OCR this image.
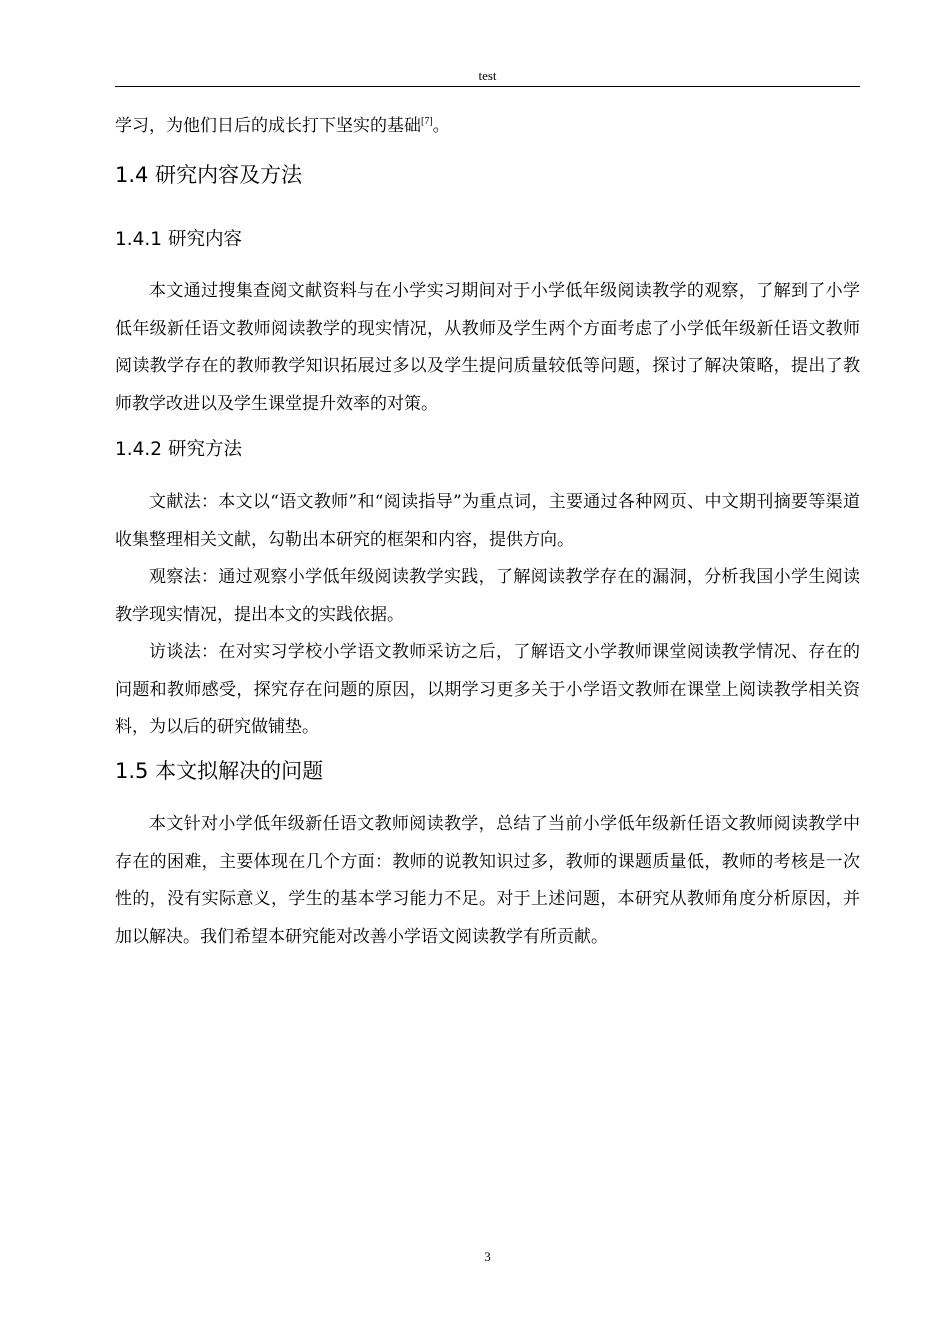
test

学习，为他们日后的成长打下坚实的基础[7]。

1.4 研究内容及方法
1.4.1 研究内容

本文通过搜集查阅文献资料与在小学实习期间对于小学低年级阅读教学的观察，了解到了小学低年级新任语文教师阅读教学的现实情况，从教师及学生两个方面考虑了小学低年级新任语文教师阅读教学存在的教师教学知识拓展过多以及学生提问质量较低等问题，探讨了解决策略，提出了教师教学改进以及学生课堂提升效率的对策。

1.4.2 研究方法

文献法：本文以“语文教师”和“阅读指导”为重点词，主要通过各种网页、中文期刊摘要等渠道收集整理相关文献，勾勒出本研究的框架和内容，提供方向。

观察法：通过观察小学低年级阅读教学实践，了解阅读教学存在的漏洞，分析我国小学生阅读教学现实情况，提出本文的实践依据。

访谈法：在对实习学校小学语文教师采访之后，了解语文小学教师课堂阅读教学情况、存在的问题和教师感受，探究存在问题的原因，以期学习更多关于小学语文教师在课堂上阅读教学相关资料，为以后的研究做铺垫。

1.5 本文拟解决的问题

本文针对小学低年级新任语文教师阅读教学，总结了当前小学低年级新任语文教师阅读教学中存在的困难，主要体现在几个方面：教师的说教知识过多，教师的课题质量低，教师的考核是一次性的，没有实际意义，学生的基本学习能力不足。对于上述问题，本研究从教师角度分析原因，并加以解决。我们希望本研究能对改善小学语文阅读教学有所贡献。

3
